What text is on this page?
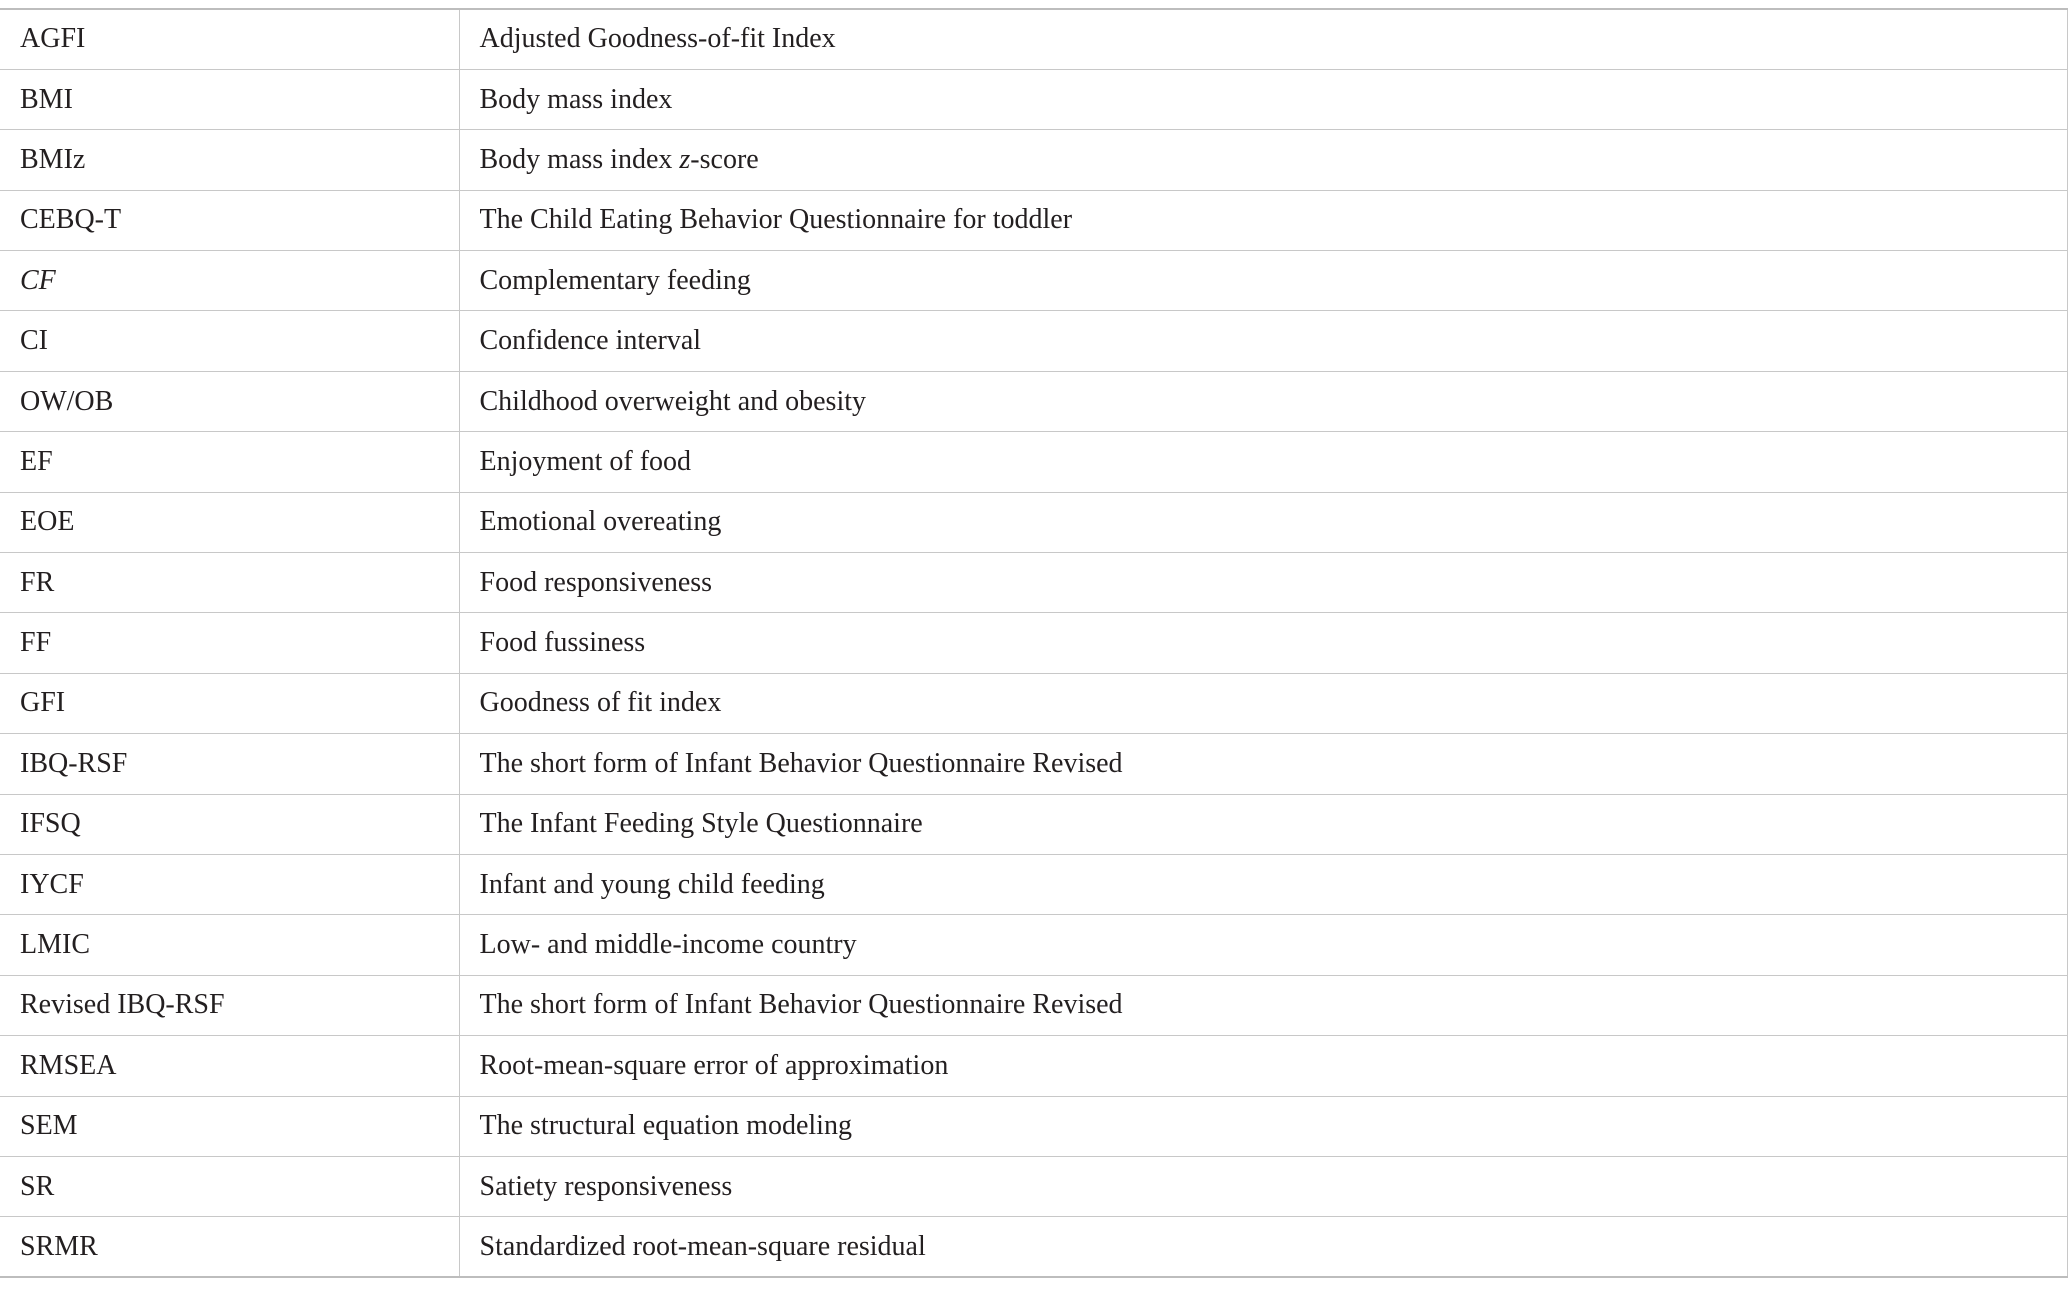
AGFI	Adjusted Goodness-of-fit Index
BMI	Body mass index
BMIz	Body mass index z-score
CEBQ-T	The Child Eating Behavior Questionnaire for toddler
CF	Complementary feeding
CI	Confidence interval
OW/OB	Childhood overweight and obesity
EF	Enjoyment of food
EOE	Emotional overeating
FR	Food responsiveness
FF	Food fussiness
GFI	Goodness of fit index
IBQ-RSF	The short form of Infant Behavior Questionnaire Revised
IFSQ	The Infant Feeding Style Questionnaire
IYCF	Infant and young child feeding
LMIC	Low- and middle-income country
Revised IBQ-RSF	The short form of Infant Behavior Questionnaire Revised
RMSEA	Root-mean-square error of approximation
SEM	The structural equation modeling
SR	Satiety responsiveness
SRMR	Standardized root-mean-square residual
